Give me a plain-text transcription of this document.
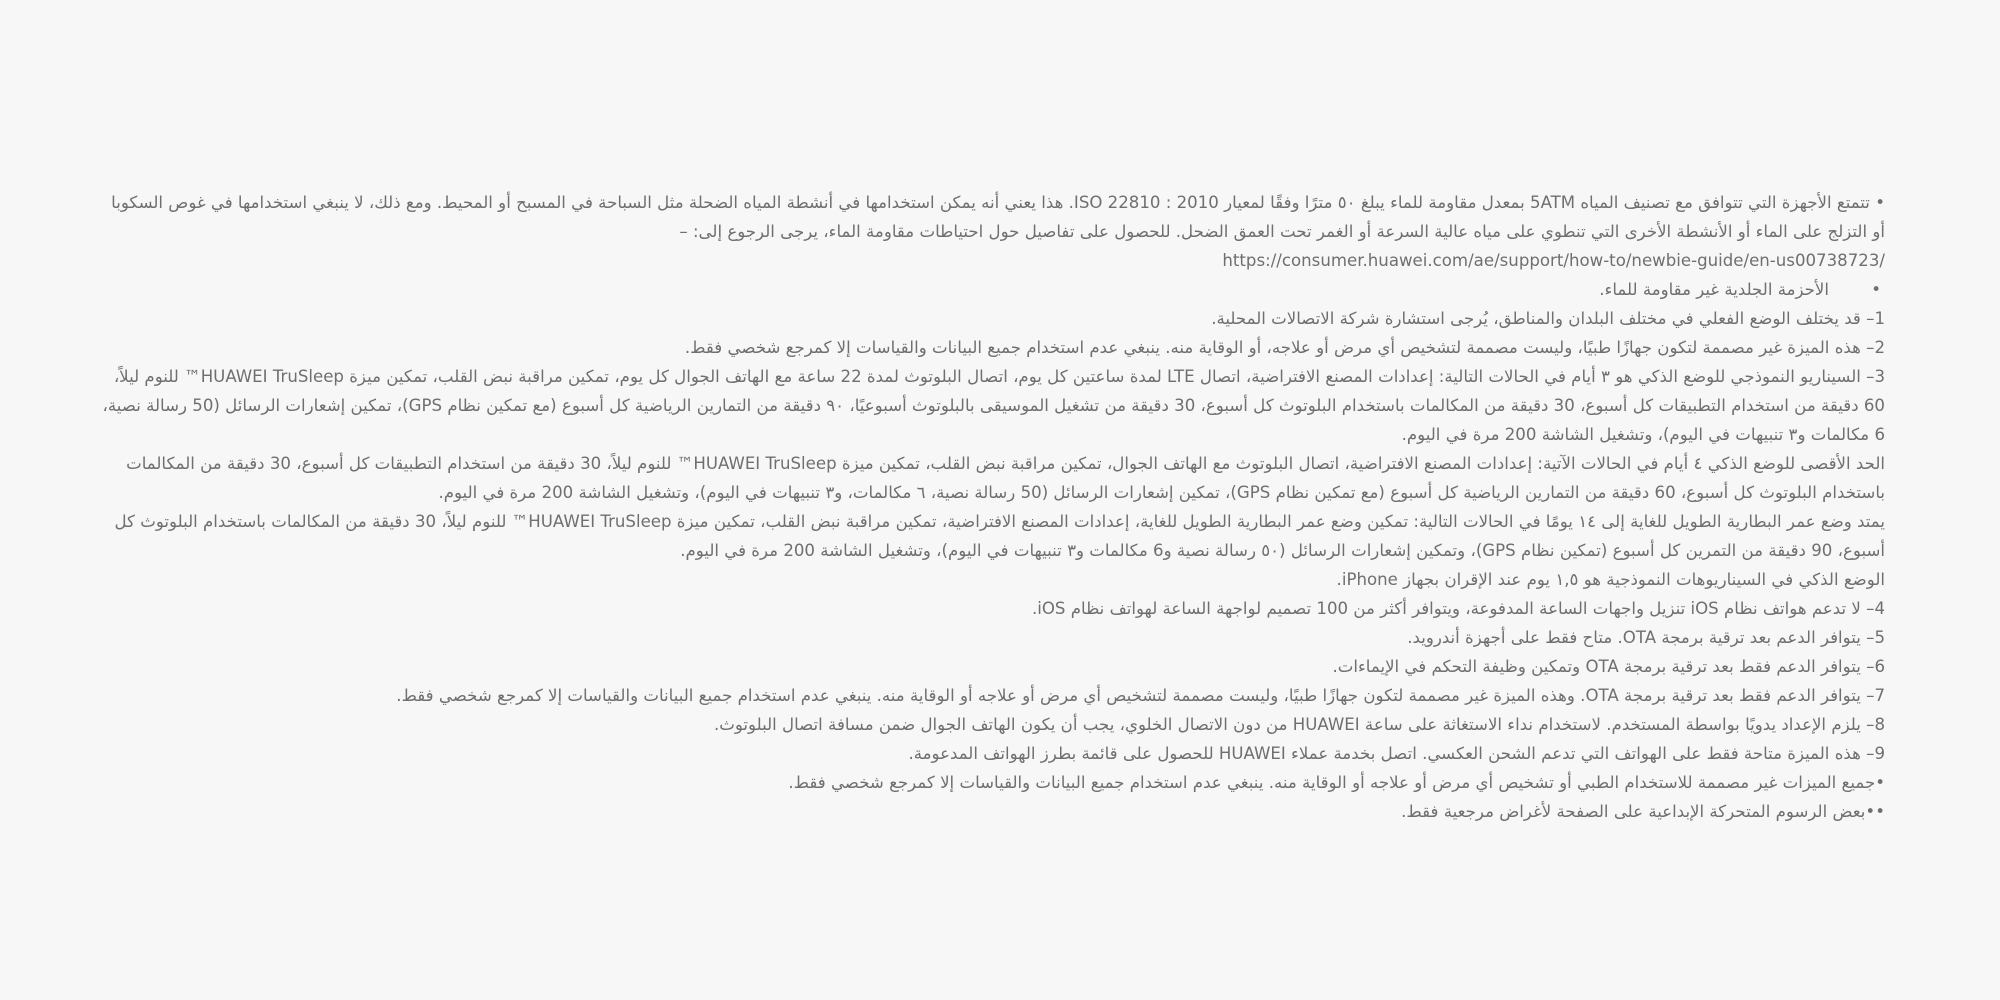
• تتمتع الأجهزة التي تتوافق مع تصنيف المياه 5ATM بمعدل مقاومة للماء يبلغ ٥٠ مترًا وفقًا لمعيار ISO 22810 : 2010. هذا يعني أنه يمكن استخدامها في أنشطة المياه الضحلة مثل السباحة في المسبح أو المحيط. ومع ذلك، لا ينبغي استخدامها في غوص السكوبا أو التزلج على الماء أو الأنشطة الأخرى التي تنطوي على مياه عالية السرعة أو الغمر تحت العمق الضحل. للحصول على تفاصيل حول احتياطات مقاومة الماء، يرجى الرجوع إلى: –
https://consumer.huawei.com/ae/support/how-to/newbie-guide/en-us00738723/
•
الأحزمة الجلدية غير مقاومة للماء.
1– قد يختلف الوضع الفعلي في مختلف البلدان والمناطق، يُرجى استشارة شركة الاتصالات المحلية.
2– هذه الميزة غير مصممة لتكون جهازًا طبيًا، وليست مصممة لتشخيص أي مرض أو علاجه، أو الوقاية منه. ينبغي عدم استخدام جميع البيانات والقياسات إلا كمرجع شخصي فقط.
3– السيناريو النموذجي للوضع الذكي هو ٣ أيام في الحالات التالية: إعدادات المصنع الافتراضية، اتصال LTE لمدة ساعتين كل يوم، اتصال البلوتوث لمدة 22 ساعة مع الهاتف الجوال كل يوم، تمكين مراقبة نبض القلب، تمكين ميزة HUAWEI TruSleep™ للنوم ليلاً، 60 دقيقة من استخدام التطبيقات كل أسبوع، 30 دقيقة من المكالمات باستخدام البلوتوث كل أسبوع، 30 دقيقة من تشغيل الموسيقى بالبلوتوث أسبوعيًا، ٩٠ دقيقة من التمارين الرياضية كل أسبوع (مع تمكين نظام GPS)، تمكين إشعارات الرسائل (50 رسالة نصية، 6 مكالمات و٣ تنبيهات في اليوم)، وتشغيل الشاشة 200 مرة في اليوم.
الحد الأقصى للوضع الذكي ٤ أيام في الحالات الآتية: إعدادات المصنع الافتراضية، اتصال البلوتوث مع الهاتف الجوال، تمكين مراقبة نبض القلب، تمكين ميزة HUAWEI TruSleep™ للنوم ليلاً، 30 دقيقة من استخدام التطبيقات كل أسبوع، 30 دقيقة من المكالمات باستخدام البلوتوث كل أسبوع، 60 دقيقة من التمارين الرياضية كل أسبوع (مع تمكين نظام GPS)، تمكين إشعارات الرسائل (50 رسالة نصية، ٦ مكالمات، و٣ تنبيهات في اليوم)، وتشغيل الشاشة 200 مرة في اليوم.
يمتد وضع عمر البطارية الطويل للغاية إلى ١٤ يومًا في الحالات التالية: تمكين وضع عمر البطارية الطويل للغاية، إعدادات المصنع الافتراضية، تمكين مراقبة نبض القلب، تمكين ميزة HUAWEI TruSleep™ للنوم ليلاً، 30 دقيقة من المكالمات باستخدام البلوتوث كل أسبوع، 90 دقيقة من التمرين كل أسبوع (تمكين نظام GPS)، وتمكين إشعارات الرسائل (٥٠ رسالة نصية و6 مكالمات و٣ تنبيهات في اليوم)، وتشغيل الشاشة 200 مرة في اليوم.
الوضع الذكي في السيناريوهات النموذجية هو ١,٥ يوم عند الإقران بجهاز iPhone.
4– لا تدعم هواتف نظام iOS تنزيل واجهات الساعة المدفوعة، ويتوافر أكثر من 100 تصميم لواجهة الساعة لهواتف نظام iOS.
5– يتوافر الدعم بعد ترقية برمجة OTA. متاح فقط على أجهزة أندرويد.
6– يتوافر الدعم فقط بعد ترقية برمجة OTA وتمكين وظيفة التحكم في الإيماءات.
7– يتوافر الدعم فقط بعد ترقية برمجة OTA. وهذه الميزة غير مصممة لتكون جهازًا طبيًا، وليست مصممة لتشخيص أي مرض أو علاجه أو الوقاية منه. ينبغي عدم استخدام جميع البيانات والقياسات إلا كمرجع شخصي فقط.
8– يلزم الإعداد يدويًا بواسطة المستخدم. لاستخدام نداء الاستغاثة على ساعة HUAWEI من دون الاتصال الخلوي، يجب أن يكون الهاتف الجوال ضمن مسافة اتصال البلوتوث.
9– هذه الميزة متاحة فقط على الهواتف التي تدعم الشحن العكسي. اتصل بخدمة عملاء HUAWEI للحصول على قائمة بطرز الهواتف المدعومة.
•جميع الميزات غير مصممة للاستخدام الطبي أو تشخيص أي مرض أو علاجه أو الوقاية منه. ينبغي عدم استخدام جميع البيانات والقياسات إلا كمرجع شخصي فقط.
••بعض الرسوم المتحركة الإبداعية على الصفحة لأغراض مرجعية فقط.
